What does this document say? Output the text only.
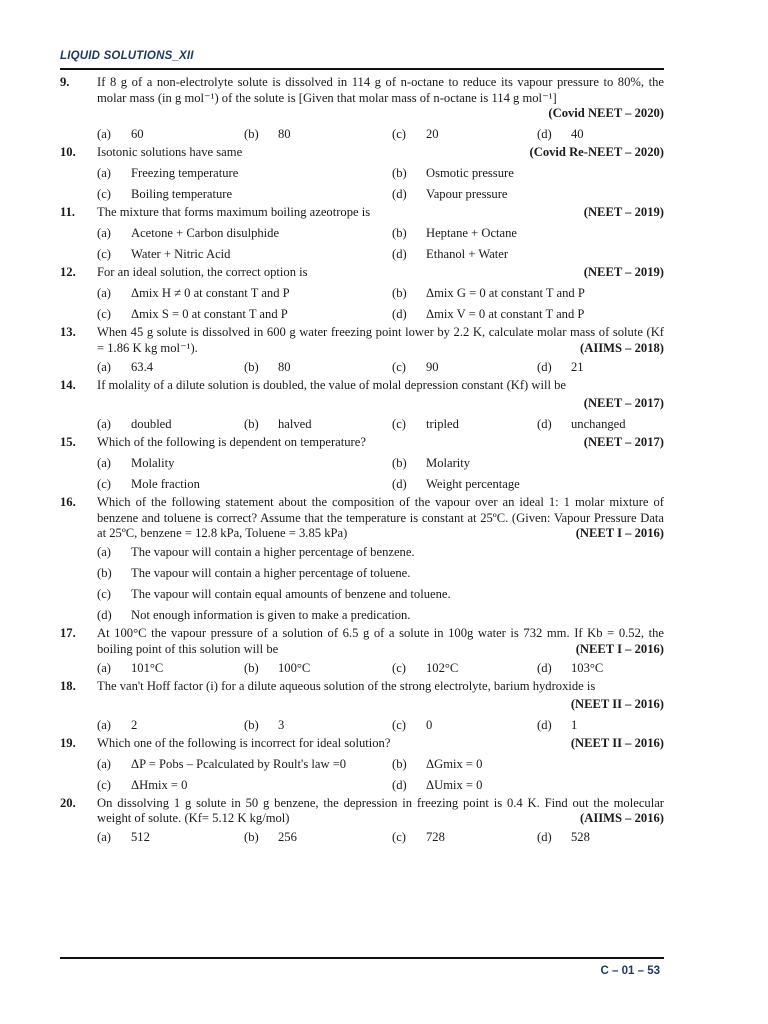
LIQUID SOLUTIONS_XII
9.	If 8 g of a non-electrolyte solute is dissolved in 114 g of n-octane to reduce its vapour pressure to 80%, the molar mass (in g mol⁻¹) of the solute is [Given that molar mass of n-octane is 114 g mol⁻¹]
(Covid NEET – 2020)
(a)	60	(b)	80	(c)	20	(d)	40
10.	Isotonic solutions have same	(Covid Re-NEET – 2020)
(a)	Freezing temperature	(b)	Osmotic pressure
(c)	Boiling temperature	(d)	Vapour pressure
11.	The mixture that forms maximum boiling azeotrope is	(NEET – 2019)
(a)	Acetone + Carbon disulphide	(b)	Heptane + Octane
(c)	Water + Nitric Acid	(d)	Ethanol + Water
12.	For an ideal solution, the correct option is	(NEET – 2019)
(a)	Δmix H ≠ 0 at constant T and P	(b)	Δmix G = 0 at constant T and P
(c)	Δmix S = 0 at constant T and P	(d)	Δmix V = 0 at constant T and P
13.	When 45 g solute is dissolved in 600 g water freezing point lower by 2.2 K, calculate molar mass of solute (Kf = 1.86 K kg mol⁻¹).	(AIIMS – 2018)
(a)	63.4	(b)	80	(c)	90	(d)	21
14.	If molality of a dilute solution is doubled, the value of molal depression constant (Kf) will be
(NEET – 2017)
(a)	doubled	(b)	halved	(c)	tripled	(d)	unchanged
15.	Which of the following is dependent on temperature?	(NEET – 2017)
(a)	Molality	(b)	Molarity
(c)	Mole fraction	(d)	Weight percentage
16.	Which of the following statement about the composition of the vapour over an ideal 1: 1 molar mixture of benzene and toluene is correct? Assume that the temperature is constant at 25ºC. (Given: Vapour Pressure Data at 25ºC, benzene = 12.8 kPa, Toluene = 3.85 kPa)	(NEET I – 2016)
(a)	The vapour will contain a higher percentage of benzene.
(b)	The vapour will contain a higher percentage of toluene.
(c)	The vapour will contain equal amounts of benzene and toluene.
(d)	Not enough information is given to make a predication.
17.	At 100°C the vapour pressure of a solution of 6.5 g of a solute in 100g water is 732 mm. If Kb = 0.52, the boiling point of this solution will be	(NEET I – 2016)
(a)	101°C	(b)	100°C	(c)	102°C	(d)	103°C
18.	The van't Hoff factor (i) for a dilute aqueous solution of the strong electrolyte, barium hydroxide is
(NEET II – 2016)
(a)	2	(b)	3	(c)	0	(d)	1
19.	Which one of the following is incorrect for ideal solution?	(NEET II – 2016)
(a)	ΔP = Pobs – Pcalculated by Roult's law =0	(b)	ΔGmix = 0
(c)	ΔHmix = 0	(d)	ΔUmix = 0
20.	On dissolving 1 g solute in 50 g benzene, the depression in freezing point is 0.4 K. Find out the molecular weight of solute. (Kf= 5.12 K kg/mol)	(AIIMS – 2016)
(a)	512	(b)	256	(c)	728	(d)	528
C – 01 – 53
